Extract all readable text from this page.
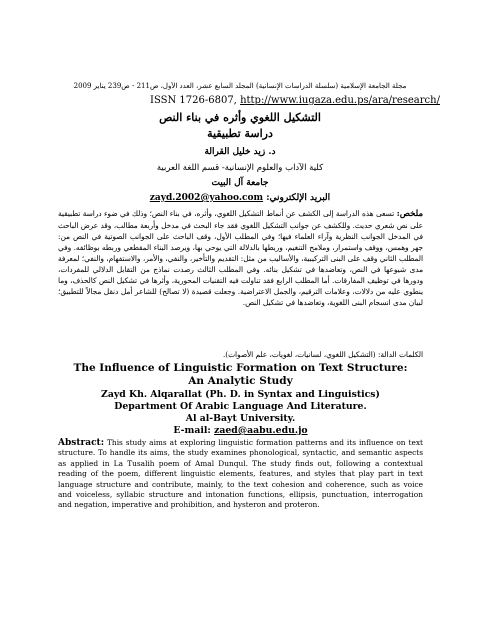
مجلة الجامعة الإسلامية (سلسلة الدراسات الإنسانية) المجلد السابع عشر، العدد الأول، ص211 - ص239 يناير 2009
ISSN 1726-6807, http://www.iugaza.edu.ps/ara/research/
التشكيل اللغوي وأثره في بناء النص
دراسة تطبيقية
د. زيد خليل القرالة
كلية الآداب والعلوم الإنسانية- قسم اللغة العربية
جامعة آل البيت
البريد الإلكتروني: zayd.2002@yahoo.com
ملخص: تسعى هذه الدراسة إلى الكشف عن أنماط التشكيل اللغوي، وأثره، في بناء النص؛ وذلك في ضوء دراسة تطبيقية على نص شعري حديث. وللكشف عن جوانب التشكيل اللغوي فقد جاء البحث في مدخل وأربعة مطالب، وقد عرض الباحث في المدخل الجوانب النظرية وآراء العلماء فيها؛ وفي المطلب الأول، وقف الباحث على الجوانب الصوتية في النص من: جهر وهمس، ووقف واستمرار، وملامح التنغيم، وربطها بالدلالة التي يوحي بها، ويرصد البناء المقطعي وربطه بوظائفه. وفي المطلب الثاني وقف على البنى التركيبية، والأساليب من مثل: التقديم والتأخير، والنفي، والأمر، والاستفهام، والنفي؛ لمعرفة مدى شيوعها في النص، وتعاضدها في تشكيل بنائه. وفي المطلب الثالث رصدت نماذج من التقابل الدلالي للمفردات، ودورها في توظيف المفارقات. أما المطلب الرابع فقد تناولت فيه التقنيات المحورية، وأثرها في تشكيل النص كالحذف، وما ينطوي عليه من دلالات، وعلامات الترقيم، والجمل الاعتراضية. وجعلت قصيدة (لا تصالح) للشاعر أمل دنقل مجالاً للتطبيق؛ لبيان مدى انسجام البنى اللغوية، وتعاضدها في تشكيل النص.
الكلمات الدالة: (التشكيل اللغوي، لسانيات، لغويات، علم الأصوات).
The Influence of Linguistic Formation on Text Structure:
An Analytic Study
Zayd Kh. Alqarallat (Ph. D. in Syntax and Linguistics)
Department Of Arabic Language And Literature.
Al al-Bayt University.
E-mail: zaed@aabu.edu.jo
Abstract: This study aims at exploring linguistic formation patterns and its influence on text structure. To handle its aims, the study examines phonological, syntactic, and semantic aspects as applied in La Tusalih poem of Amal Dunqul. The study finds out, following a contextual reading of the poem, different linguistic elements, features, and styles that play part in text language structure and contribute, mainly, to the text cohesion and coherence, such as voice and voiceless, syllabic structure and intonation functions, ellipsis, punctuation, interrogation and negation, imperative and prohibition, and hysteron and proteron.
